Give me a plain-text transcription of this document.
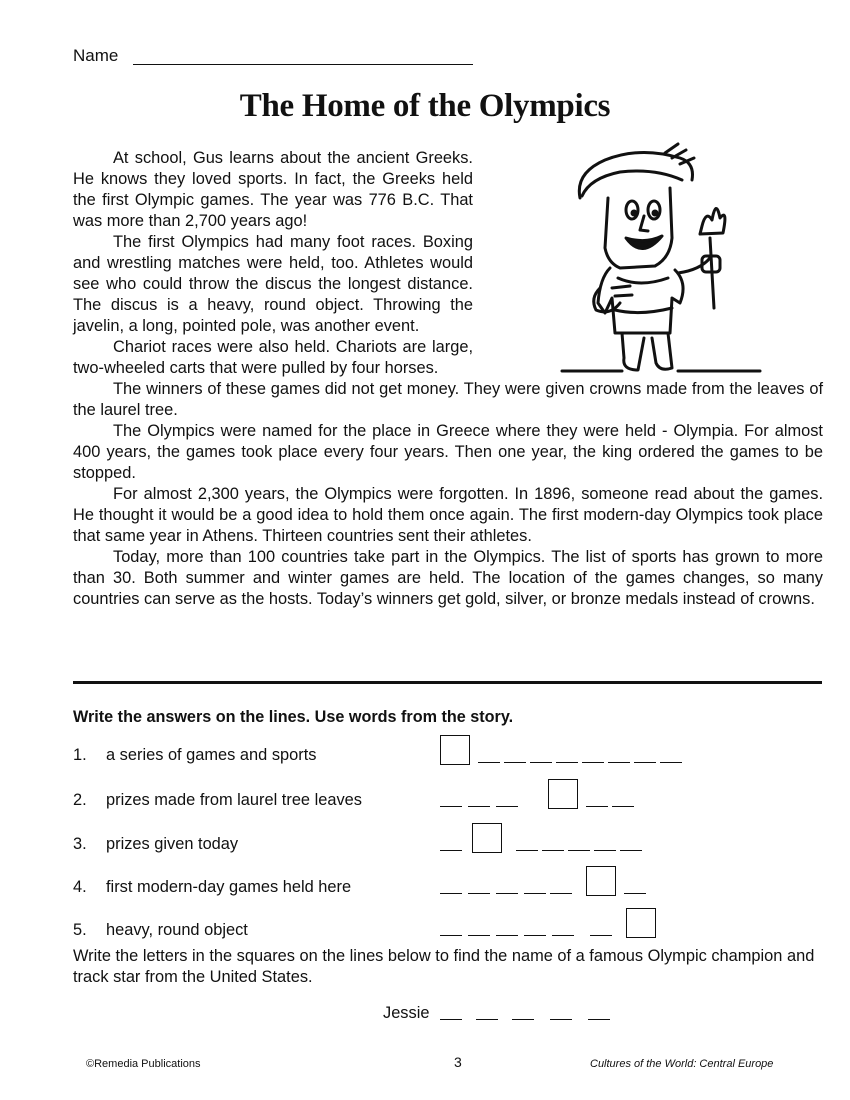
Name
The Home of the Olympics

At school, Gus learns about the ancient Greeks. He knows they loved sports. In fact, the Greeks held the first Olympic games. The year was 776 B.C. That was more than 2,700 years ago!

The first Olympics had many foot races. Boxing and wrestling matches were held, too. Athletes would see who could throw the discus the longest distance. The discus is a heavy, round object. Throwing the javelin, a long, pointed pole, was another event.

Chariot races were also held. Chariots are large, two-wheeled carts that were pulled by four horses.

The winners of these games did not get money. They were given crowns made from the leaves of the laurel tree.

The Olympics were named for the place in Greece where they were held - Olympia. For almost 400 years, the games took place every four years. Then one year, the king ordered the games to be stopped.

For almost 2,300 years, the Olympics were forgotten. In 1896, someone read about the games. He thought it would be a good idea to hold them once again. The first modern-day Olympics took place that same year in Athens. Thirteen countries sent their athletes.

Today, more than 100 countries take part in the Olympics. The list of sports has grown to more than 30. Both summer and winter games are held. The location of the games changes, so many countries can serve as the hosts. Today’s winners get gold, silver, or bronze medals instead of crowns.

Write the answers on the lines. Use words from the story.
1. a series of games and sports
2. prizes made from laurel tree leaves
3. prizes given today
4. first modern-day games held here
5. heavy, round object

Write the letters in the squares on the lines below to find the name of a famous Olympic champion and track star from the United States.

Jessie
©Remedia Publications	3	Cultures of the World: Central Europe
